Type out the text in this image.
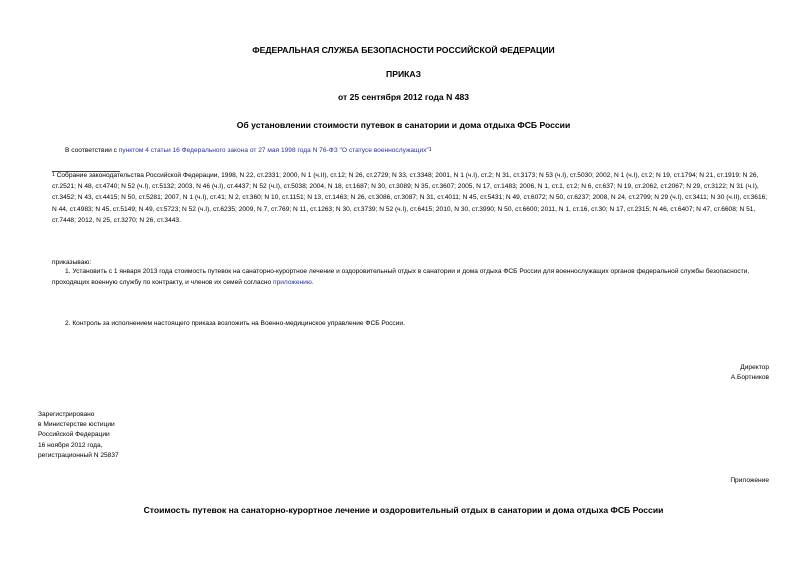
ФЕДЕРАЛЬНАЯ СЛУЖБА БЕЗОПАСНОСТИ РОССИЙСКОЙ ФЕДЕРАЦИИ
ПРИКАЗ
от 25 сентября 2012 года N 483
Об установлении стоимости путевок в санатории и дома отдыха ФСБ России
В соответствии с пунктом 4 статьи 16 Федерального закона от 27 мая 1998 года N 76-ФЗ "О статусе военнослужащих"1
1 Собрание законодательства Российской Федерации, 1998, N 22, ст.2331; 2000, N 1 (ч.II), ст.12; N 26, ст.2729; N 33, ст.3348; 2001, N 1 (ч.I), ст.2; N 31, ст.3173; N 53 (ч.I), ст.5030; 2002, N 1 (ч.I), ст.2; N 19, ст.1794; N 21, ст.1919; N 26, ст.2521; N 48, ст.4740; N 52 (ч.I), ст.5132; 2003, N 46 (ч.I), ст.4437; N 52 (ч.I), ст.5038; 2004, N 18, ст.1687; N 30, ст.3089; N 35, ст.3607; 2005, N 17, ст.1483; 2006, N 1, ст.1, ст.2; N 6, ст.637; N 19, ст.2062, ст.2067; N 29, ст.3122; N 31 (ч.I), ст.3452; N 43, ст.4415; N 50, ст.5281; 2007, N 1 (ч.I), ст.41; N 2, ст.360; N 10, ст.1151; N 13, ст.1463; N 26, ст.3086, ст.3087; N 31, ст.4011; N 45, ст.5431; N 49, ст.6072; N 50, ст.6237; 2008, N 24, ст.2799; N 29 (ч.I), ст.3411; N 30 (ч.II), ст.3616; N 44, ст.4983; N 45, ст.5149; N 49, ст.5723; N 52 (ч.I), ст.6235; 2009, N 7, ст.769; N 11, ст.1263; N 30, ст.3739; N 52 (ч.I), ст.6415; 2010, N 30, ст.3990; N 50, ст.6600; 2011, N 1, ст.16, ст.30; N 17, ст.2315; N 46, ст.6407; N 47, ст.6608; N 51, ст.7448; 2012, N 25, ст.3270; N 26, ст.3443.
приказываю:
1. Установить с 1 января 2013 года стоимость путевок на санаторно-курортное лечение и оздоровительный отдых в санатории и дома отдыха ФСБ России для военнослужащих органов федеральной службы безопасности, проходящих военную службу по контракту, и членов их семей согласно приложению.
2. Контроль за исполнением настоящего приказа возложить на Военно-медицинское управление ФСБ России.
Директор
А.Бортников
Зарегистрировано
в Министерстве юстиции
Российской Федерации
16 ноября 2012 года,
регистрационный N 25837
Приложение
Стоимость путевок на санаторно-курортное лечение и оздоровительный отдых в санатории и дома отдыха ФСБ России
